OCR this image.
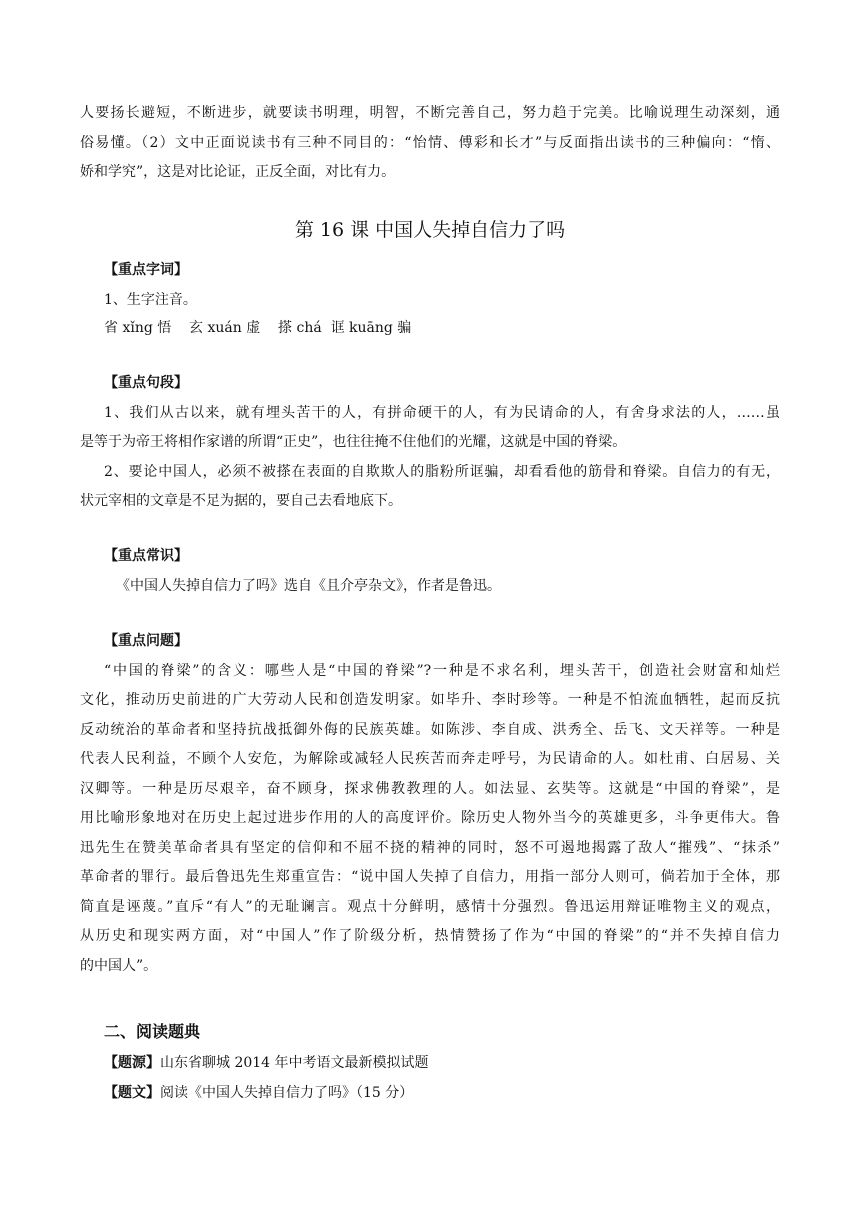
人要扬长避短，不断进步，就要读书明理，明智，不断完善自己，努力趋于完美。比喻说理生动深刻，通
俗易懂。（2）文中正面说读书有三种不同目的：“怡情、傅彩和长才”与反面指出读书的三种偏向：“惰、
娇和学究”，这是对比论证，正反全面，对比有力。
第 16 课 中国人失掉自信力了吗
【重点字词】
1、生字注音。
省 xǐng 悟    玄 xuán 虚    搽 chá  诓 kuāng 骗
【重点句段】
1、我们从古以来，就有埋头苦干的人，有拼命硬干的人，有为民请命的人，有舍身求法的人，……虽
是等于为帝王将相作家谱的所谓“正史”，也往往掩不住他们的光耀，这就是中国的脊梁。
2、要论中国人，必须不被搽在表面的自欺欺人的脂粉所诓骗，却看看他的筋骨和脊梁。自信力的有无，
状元宰相的文章是不足为据的，要自己去看地底下。
【重点常识】
《中国人失掉自信力了吗》选自《且介亭杂文》，作者是鲁迅。
【重点问题】
“中国的脊梁”的含义：哪些人是“中国的脊梁”?一种是不求名利，埋头苦干，创造社会财富和灿烂
文化，推动历史前进的广大劳动人民和创造发明家。如毕升、李时珍等。一种是不怕流血牺牲，起而反抗
反动统治的革命者和坚持抗战抵御外侮的民族英雄。如陈涉、李自成、洪秀全、岳飞、文天祥等。一种是
代表人民利益，不顾个人安危，为解除或减轻人民疾苦而奔走呼号，为民请命的人。如杜甫、白居易、关
汉卿等。一种是历尽艰辛，奋不顾身，探求佛教教理的人。如法显、玄奘等。这就是“中国的脊梁”，是
用比喻形象地对在历史上起过进步作用的人的高度评价。除历史人物外当今的英雄更多，斗争更伟大。鲁
迅先生在赞美革命者具有坚定的信仰和不屈不挠的精神的同时，怒不可遏地揭露了敌人“摧残”、“抹杀”
革命者的罪行。最后鲁迅先生郑重宣告：“说中国人失掉了自信力，用指一部分人则可，倘若加于全体，那
简直是诬蔑。”直斥“有人”的无耻谰言。观点十分鲜明，感情十分强烈。鲁迅运用辩证唯物主义的观点，
从历史和现实两方面，对“中国人”作了阶级分析，热情赞扬了作为“中国的脊梁”的“并不失掉自信力
的中国人”。
二、阅读题典
【题源】山东省聊城 2014 年中考语文最新模拟试题
【题文】阅读《中国人失掉自信力了吗》（15 分）
